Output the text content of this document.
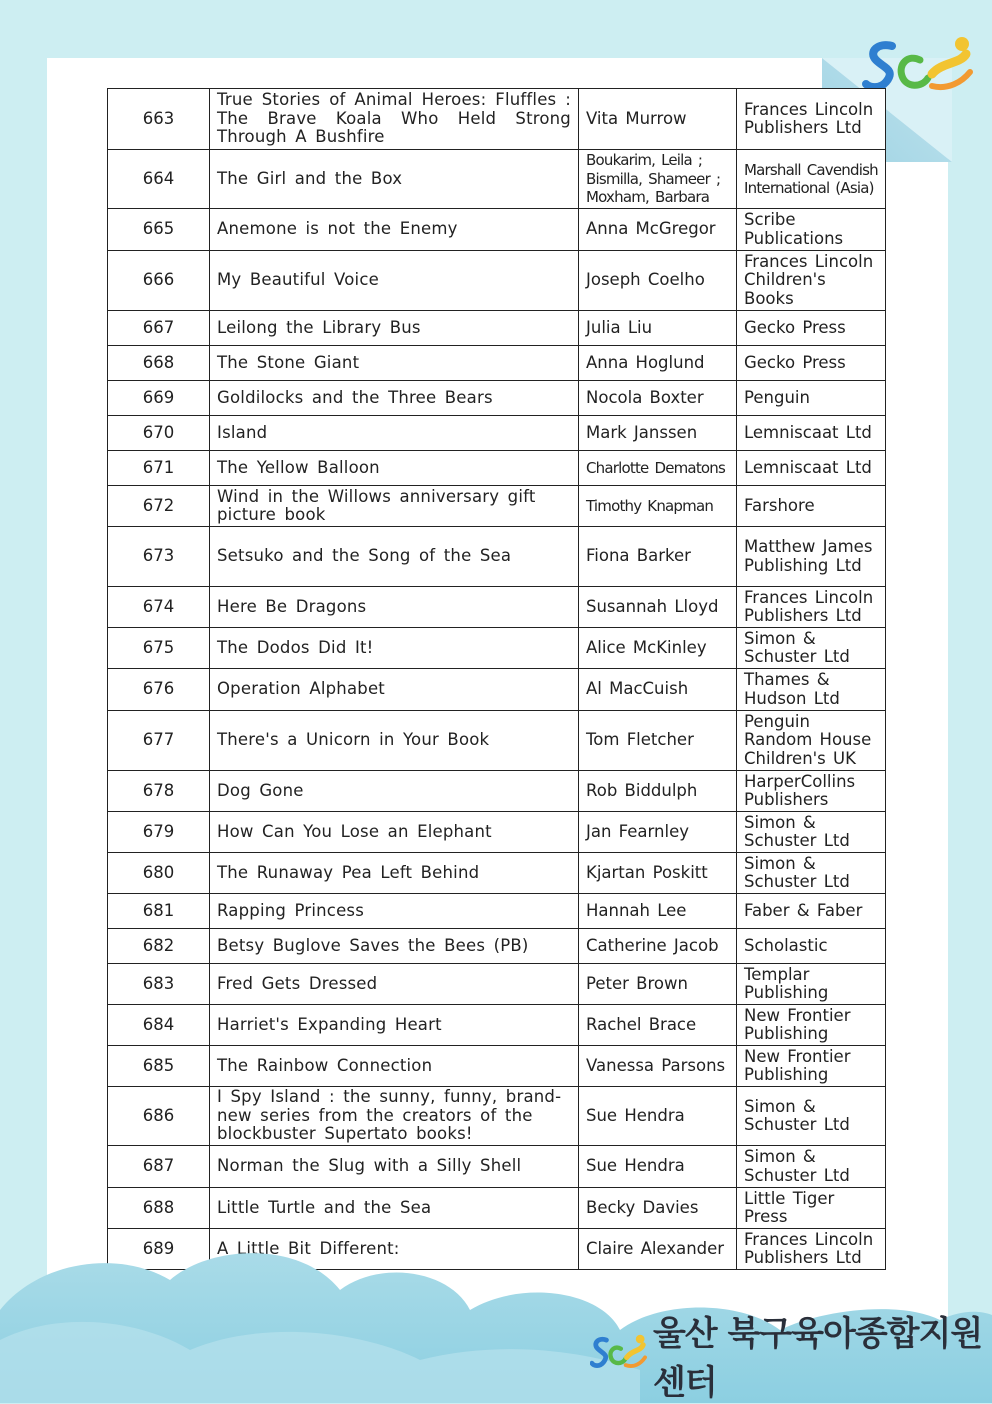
663	True Stories of Animal Heroes: Fluffles : The Brave Koala Who Held Strong Through A Bushfire	Vita Murrow	Frances Lincoln Publishers Ltd
664	The Girl and the Box	Boukarim, Leila ; Bismilla, Shameer ; Moxham, Barbara	Marshall Cavendish International (Asia)
665	Anemone is not the Enemy	Anna McGregor	Scribe Publications
666	My Beautiful Voice	Joseph Coelho	Frances Lincoln Children's Books
667	Leilong the Library Bus	Julia Liu	Gecko Press
668	The Stone Giant	Anna Hoglund	Gecko Press
669	Goldilocks and the Three Bears	Nocola Boxter	Penguin
670	Island	Mark Janssen	Lemniscaat Ltd
671	The Yellow Balloon	Charlotte Dematons	Lemniscaat Ltd
672	Wind in the Willows anniversary gift picture book	Timothy Knapman	Farshore
673	Setsuko and the Song of the Sea	Fiona Barker	Matthew James Publishing Ltd
674	Here Be Dragons	Susannah Lloyd	Frances Lincoln Publishers Ltd
675	The Dodos Did It!	Alice McKinley	Simon & Schuster Ltd
676	Operation Alphabet	Al MacCuish	Thames & Hudson Ltd
677	There's a Unicorn in Your Book	Tom Fletcher	Penguin Random House Children's UK
678	Dog Gone	Rob Biddulph	HarperCollins Publishers
679	How Can You Lose an Elephant	Jan Fearnley	Simon & Schuster Ltd
680	The Runaway Pea Left Behind	Kjartan Poskitt	Simon & Schuster Ltd
681	Rapping Princess	Hannah Lee	Faber & Faber
682	Betsy Buglove Saves the Bees (PB)	Catherine Jacob	Scholastic
683	Fred Gets Dressed	Peter Brown	Templar Publishing
684	Harriet's Expanding Heart	Rachel Brace	New Frontier Publishing
685	The Rainbow Connection	Vanessa Parsons	New Frontier Publishing
686	I Spy Island : the sunny, funny, brand-new series from the creators of the blockbuster Supertato books!	Sue Hendra	Simon & Schuster Ltd
687	Norman the Slug with a Silly Shell	Sue Hendra	Simon & Schuster Ltd
688	Little Turtle and the Sea	Becky Davies	Little Tiger Press
689	A Little Bit Different:	Claire Alexander	Frances Lincoln Publishers Ltd
울산 북구육아종합지원센터
